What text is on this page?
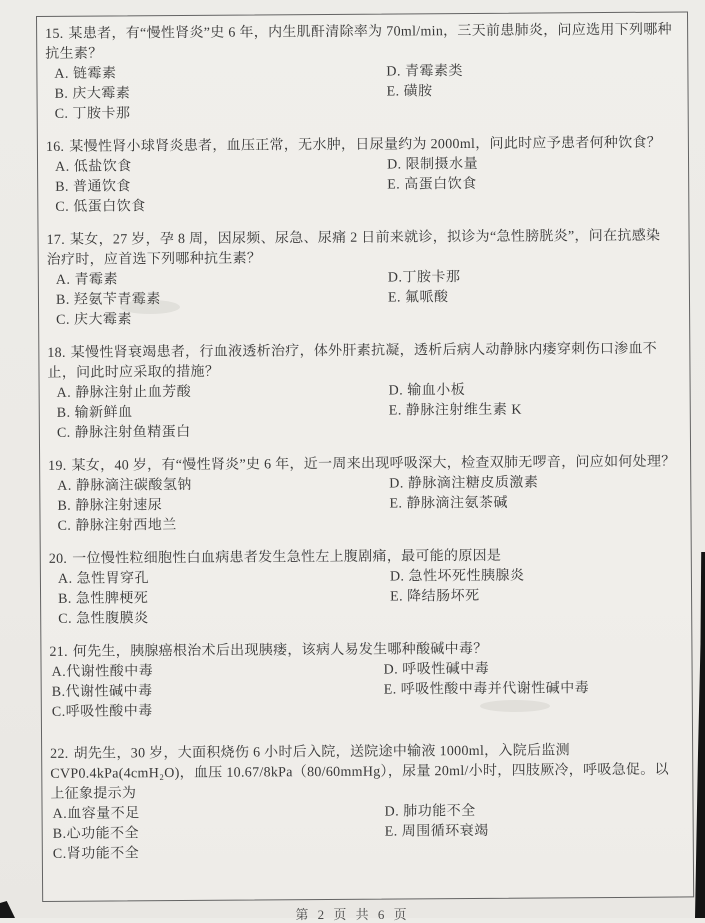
15. 某患者，有“慢性肾炎”史 6 年，内生肌酐清除率为 70ml/min，三天前患肺炎，问应选用下列哪种抗生素？
A. 链霉素	D. 青霉素类
B. 庆大霉素	E. 磺胺
C. 丁胺卡那
16. 某慢性肾小球肾炎患者，血压正常，无水肿，日尿量约为 2000ml，问此时应予患者何种饮食？
A. 低盐饮食	D. 限制摄水量
B. 普通饮食	E. 高蛋白饮食
C. 低蛋白饮食
17. 某女，27 岁，孕 8 周，因尿频、尿急、尿痛 2 日前来就诊，拟诊为“急性膀胱炎”，问在抗感染治疗时，应首选下列哪种抗生素？
A. 青霉素	D.丁胺卡那
B. 羟氨苄青霉素	E. 氟哌酸
C. 庆大霉素
18. 某慢性肾衰竭患者，行血液透析治疗，体外肝素抗凝，透析后病人动静脉内瘘穿刺伤口渗血不止，问此时应采取的措施？
A. 静脉注射止血芳酸	D. 输血小板
B. 输新鲜血	E. 静脉注射维生素 K
C. 静脉注射鱼精蛋白
19. 某女，40 岁，有“慢性肾炎”史 6 年，近一周来出现呼吸深大，检查双肺无啰音，问应如何处理？
A. 静脉滴注碳酸氢钠	D. 静脉滴注糖皮质激素
B. 静脉注射速尿	E. 静脉滴注氨茶碱
C. 静脉注射西地兰
20. 一位慢性粒细胞性白血病患者发生急性左上腹剧痛，最可能的原因是
A. 急性胃穿孔	D. 急性坏死性胰腺炎
B. 急性脾梗死	E. 降结肠坏死
C. 急性腹膜炎
21. 何先生，胰腺癌根治术后出现胰瘘，该病人易发生哪种酸碱中毒？
A.代谢性酸中毒	D. 呼吸性碱中毒
B.代谢性碱中毒	E. 呼吸性酸中毒并代谢性碱中毒
C.呼吸性酸中毒
22. 胡先生，30 岁，大面积烧伤 6 小时后入院，送院途中输液 1000ml，入院后监测 CVP0.4kPa(4cmH₂O)，血压 10.67/8kPa（80/60mmHg），尿量 20ml/小时，四肢厥冷，呼吸急促。以上征象提示为
A.血容量不足	D. 肺功能不全
B.心功能不全	E. 周围循环衰竭
C.肾功能不全
第 2 页 共 6 页
